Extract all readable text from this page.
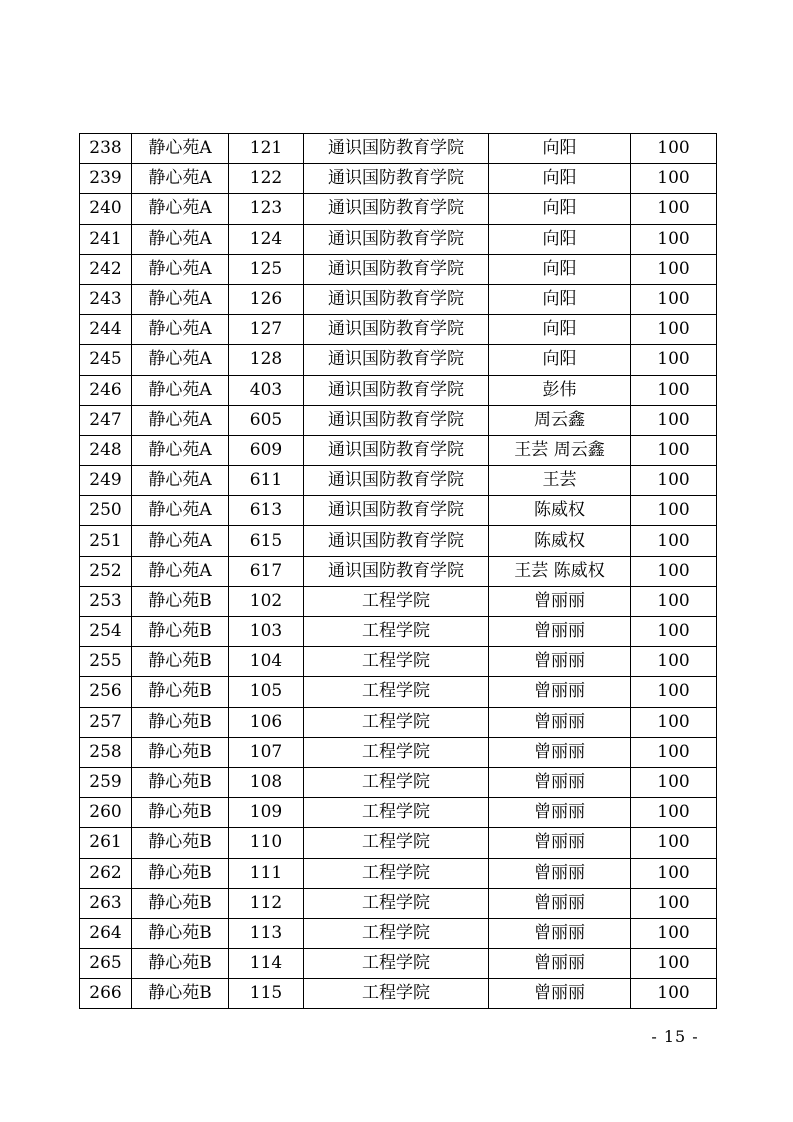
238	静心苑A	121	通识国防教育学院	向阳	100
239	静心苑A	122	通识国防教育学院	向阳	100
240	静心苑A	123	通识国防教育学院	向阳	100
241	静心苑A	124	通识国防教育学院	向阳	100
242	静心苑A	125	通识国防教育学院	向阳	100
243	静心苑A	126	通识国防教育学院	向阳	100
244	静心苑A	127	通识国防教育学院	向阳	100
245	静心苑A	128	通识国防教育学院	向阳	100
246	静心苑A	403	通识国防教育学院	彭伟	100
247	静心苑A	605	通识国防教育学院	周云鑫	100
248	静心苑A	609	通识国防教育学院	王芸 周云鑫	100
249	静心苑A	611	通识国防教育学院	王芸	100
250	静心苑A	613	通识国防教育学院	陈威权	100
251	静心苑A	615	通识国防教育学院	陈威权	100
252	静心苑A	617	通识国防教育学院	王芸 陈威权	100
253	静心苑B	102	工程学院	曾丽丽	100
254	静心苑B	103	工程学院	曾丽丽	100
255	静心苑B	104	工程学院	曾丽丽	100
256	静心苑B	105	工程学院	曾丽丽	100
257	静心苑B	106	工程学院	曾丽丽	100
258	静心苑B	107	工程学院	曾丽丽	100
259	静心苑B	108	工程学院	曾丽丽	100
260	静心苑B	109	工程学院	曾丽丽	100
261	静心苑B	110	工程学院	曾丽丽	100
262	静心苑B	111	工程学院	曾丽丽	100
263	静心苑B	112	工程学院	曾丽丽	100
264	静心苑B	113	工程学院	曾丽丽	100
265	静心苑B	114	工程学院	曾丽丽	100
266	静心苑B	115	工程学院	曾丽丽	100
- 15 -
